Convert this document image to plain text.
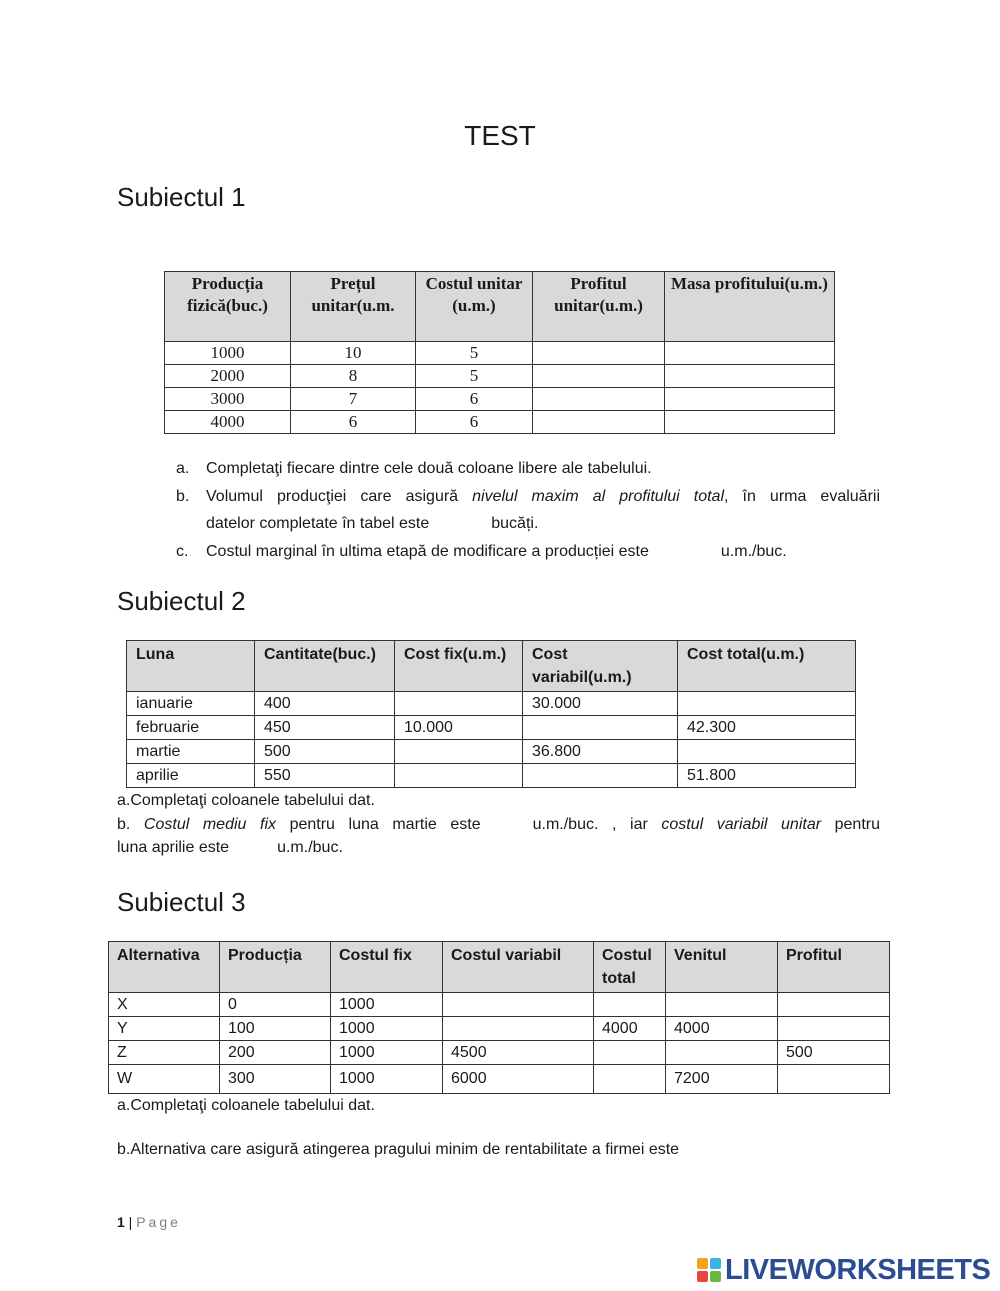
TEST
Subiectul 1
Producția fizică(buc.)	Prețul unitar(u.m.	Costul unitar (u.m.)	Profitul unitar(u.m.)	Masa profitului(u.m.)
1000	10	5		
2000	8	5		
3000	7	6		
4000	6	6		
a. Completaţi fiecare dintre cele două coloane libere ale tabelului.
b. Volumul producţiei care asigură nivelul maxim al profitului total, în urma evaluării
datelor completate în tabel este	bucăți.
c. Costul marginal în ultima etapă de modificare a producției este	u.m./buc.
Subiectul 2
Luna	Cantitate(buc.)	Cost fix(u.m.)	Cost variabil(u.m.)	Cost total(u.m.)
ianuarie	400		30.000	
februarie	450	10.000		42.300
martie	500		36.800	
aprilie	550			51.800
a.Completaţi coloanele tabelului dat.
b. Costul mediu fix pentru luna martie este	u.m./buc. , iar costul variabil unitar pentru
luna aprilie este	u.m./buc.
Subiectul 3
Alternativa	Producția	Costul fix	Costul variabil	Costul total	Venitul	Profitul
X	0	1000				
Y	100	1000		4000	4000	
Z	200	1000	4500			500
W	300	1000	6000		7200	
a.Completaţi coloanele tabelului dat.
b.Alternativa care asigură atingerea pragului minim de rentabilitate a firmei este
1 | Page
LIVEWORKSHEETS
